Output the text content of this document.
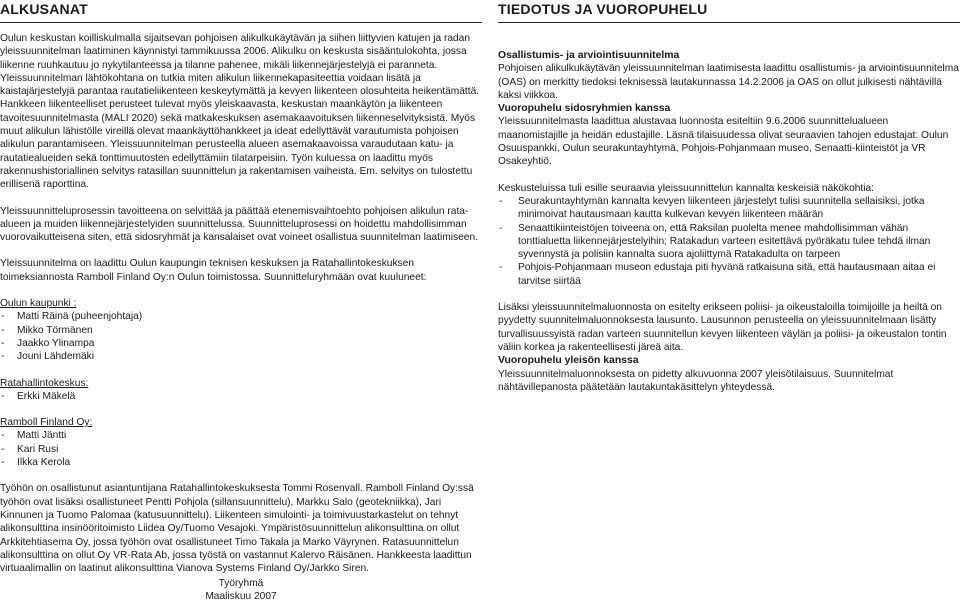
ALKUSANAT

Oulun keskustan koilliskulmalla sijaitsevan pohjoisen alikulkukäytävän ja siihen liittyvien katujen ja radan yleissuunnitelman laatiminen käynnistyi tammikuussa 2006. Alikulku on keskusta sisääntulokohta, jossa liikenne ruuhkautuu jo nykytilanteessa ja tilanne pahenee, mikäli liikennejärjestelyjä ei paranneta. Yleissuunnitelman lähtökohtana on tutkia miten alikulun liikennekapasiteettia voidaan lisätä ja kaistajärjestelyjä parantaa rautatieliikenteen keskeytymättä ja kevyen liikenteen olosuhteita heikentämättä. Hankkeen liikenteelliset perusteet tulevat myös yleiskaavasta, keskustan maankäytön ja liikenteen tavoitesuunnitelmasta (MALI 2020) sekä matkakeskuksen asemakaavoituksen liikenneselvityksistä. Myös muut alikulun lähistölle vireillä olevat maankäyttöhankkeet ja ideat edellyttävät varautumista pohjoisen alikulun parantamiseen. Yleissuunnitelman perusteella alueen asemakaavoissa varaudutaan katu- ja rautatiealueiden sekä tonttimuutosten edellyttämiin tilatarpeisiin. Työn kuluessa on laadittu myös rakennushistoriallinen selvitys ratasillan suunnittelun ja rakentamisen vaiheista. Em. selvitys on tulostettu erillisenä raporttina.

Yleissuunnitteluprosessin tavoitteena on selvittää ja päättää etenemisvaihtoehto pohjoisen alikulun rata-alueen ja muiden liikennejärjestelyiden suunnittelussa. Suunnitteluprosessi on hoidettu mahdollisimman vuorovaikutteisena siten, että sidosryhmät ja kansalaiset ovat voineet osallistua suunnitelman laatimiseen.

Yleissuunnitelma on laadittu Oulun kaupungin teknisen keskuksen ja Ratahallintokeskuksen toimeksiannosta Ramboll Finland Oy:n Oulun toimistossa. Suunnitteluryhmään ovat kuuluneet:

Oulun kaupunki :

- Matti Räinä (puheenjohtaja)
- Mikko Törmänen
- Jaakko Ylinampa
- Jouni Lähdemäki

Ratahallintokeskus:

- Erkki Mäkelä

Ramboll Finland Oy:

- Matti Jäntti
- Kari Rusi
- Ilkka Kerola

Työhön on osallistunut asiantuntijana Ratahallintokeskuksesta Tommi Rosenvall. Ramboll Finland Oy:ssä työhön ovat lisäksi osallistuneet Pentti Pohjola (sillansuunnittelu), Markku Salo (geotekniikka), Jari Kinnunen ja Tuomo Palomaa (katusuunnittelu). Liikenteen simulointi- ja toimivuustarkastelut on tehnyt alikonsulttina insinööritoimisto Liidea Oy/Tuomo Vesajoki. Ympäristösuunnittelun alikonsulttina on ollut Arkkitehtiasema Oy, jossa työhön ovat osallistuneet Timo Takala ja Marko Väyrynen. Ratasuunnittelun alikonsulttina on ollut Oy VR-Rata Ab, jossa työstä on vastannut Kalervo Räisänen. Hankkeesta laadittun virtuaalimallin on laatinut alikonsulttina Vianova Systems Finland Oy/Jarkko Siren.

Työryhmä

Maaliskuu 2007

TIEDOTUS JA VUOROPUHELU

Osallistumis- ja arviointisuunnitelma

Pohjoisen alikulkukäytävän yleissuunnitelman laatimisesta laadittu osallistumis- ja arviointisuunnitelma (OAS) on merkitty tiedoksi teknisessä lautakunnassa 14.2.2006 ja OAS on ollut julkisesti nähtävillä kaksi viikkoa.

Vuoropuhelu sidosryhmien kanssa

Yleissuunnitelmasta laadittua alustavaa luonnosta esiteltiin 9.6.2006 suunnittelualueen maanomistajille ja heidän edustajille. Läsnä tilaisuudessa olivat seuraavien tahojen edustajat: Oulun Osuuspankki, Oulun seurakuntayhtymä, Pohjois-Pohjanmaan museo, Senaatti-kiinteistöt ja VR Osakeyhtiö.

Keskusteluissa tuli esille seuraavia yleissuunnittelun kannalta keskeisiä näkökohtia:

- Seurakuntayhtymän kannalta kevyen liikenteen järjestelyt tulisi suunnitella sellaisiksi, jotka minimoivat hautausmaan kautta kulkevan kevyen liikenteen määrän
- Senaattikiinteistöjen toiveena on, että Raksilan puolelta menee mahdollisimman vähän tonttialuetta liikennejärjestelyihin; Ratakadun varteen esitettävä pyöräkatu tulee tehdä ilman syvennystä ja polisiin kannalta suora ajoliittymä Ratakadulta on tarpeen
- Pohjois-Pohjanmaan museon edustaja piti hyvänä ratkaisuna sitä, että hautausmaan aitaa ei tarvitse siirtää

Lisäksi yleissuunnitelmaluonnosta on esitelty erikseen poliisi- ja oikeustaloilla toimijoille ja heiltä on pyydetty suunnitelmaluonnoksesta lausunto. Lausunnon perusteella on yleissuunnitelmaan lisätty turvallisuussyistä radan varteen suunnitellun kevyen liikenteen väylän ja poliisi- ja oikeustalon tontin väliin korkea ja rakenteellisesti järeä aita.

Vuoropuhelu yleisön kanssa

Yleissuunnitelmaluonnoksesta on pidetty alkuvuonna 2007 yleisötilaisuus. Suunnitelmat nähtävillepanosta päätetään lautakuntakäsittelyn yhteydessä.
